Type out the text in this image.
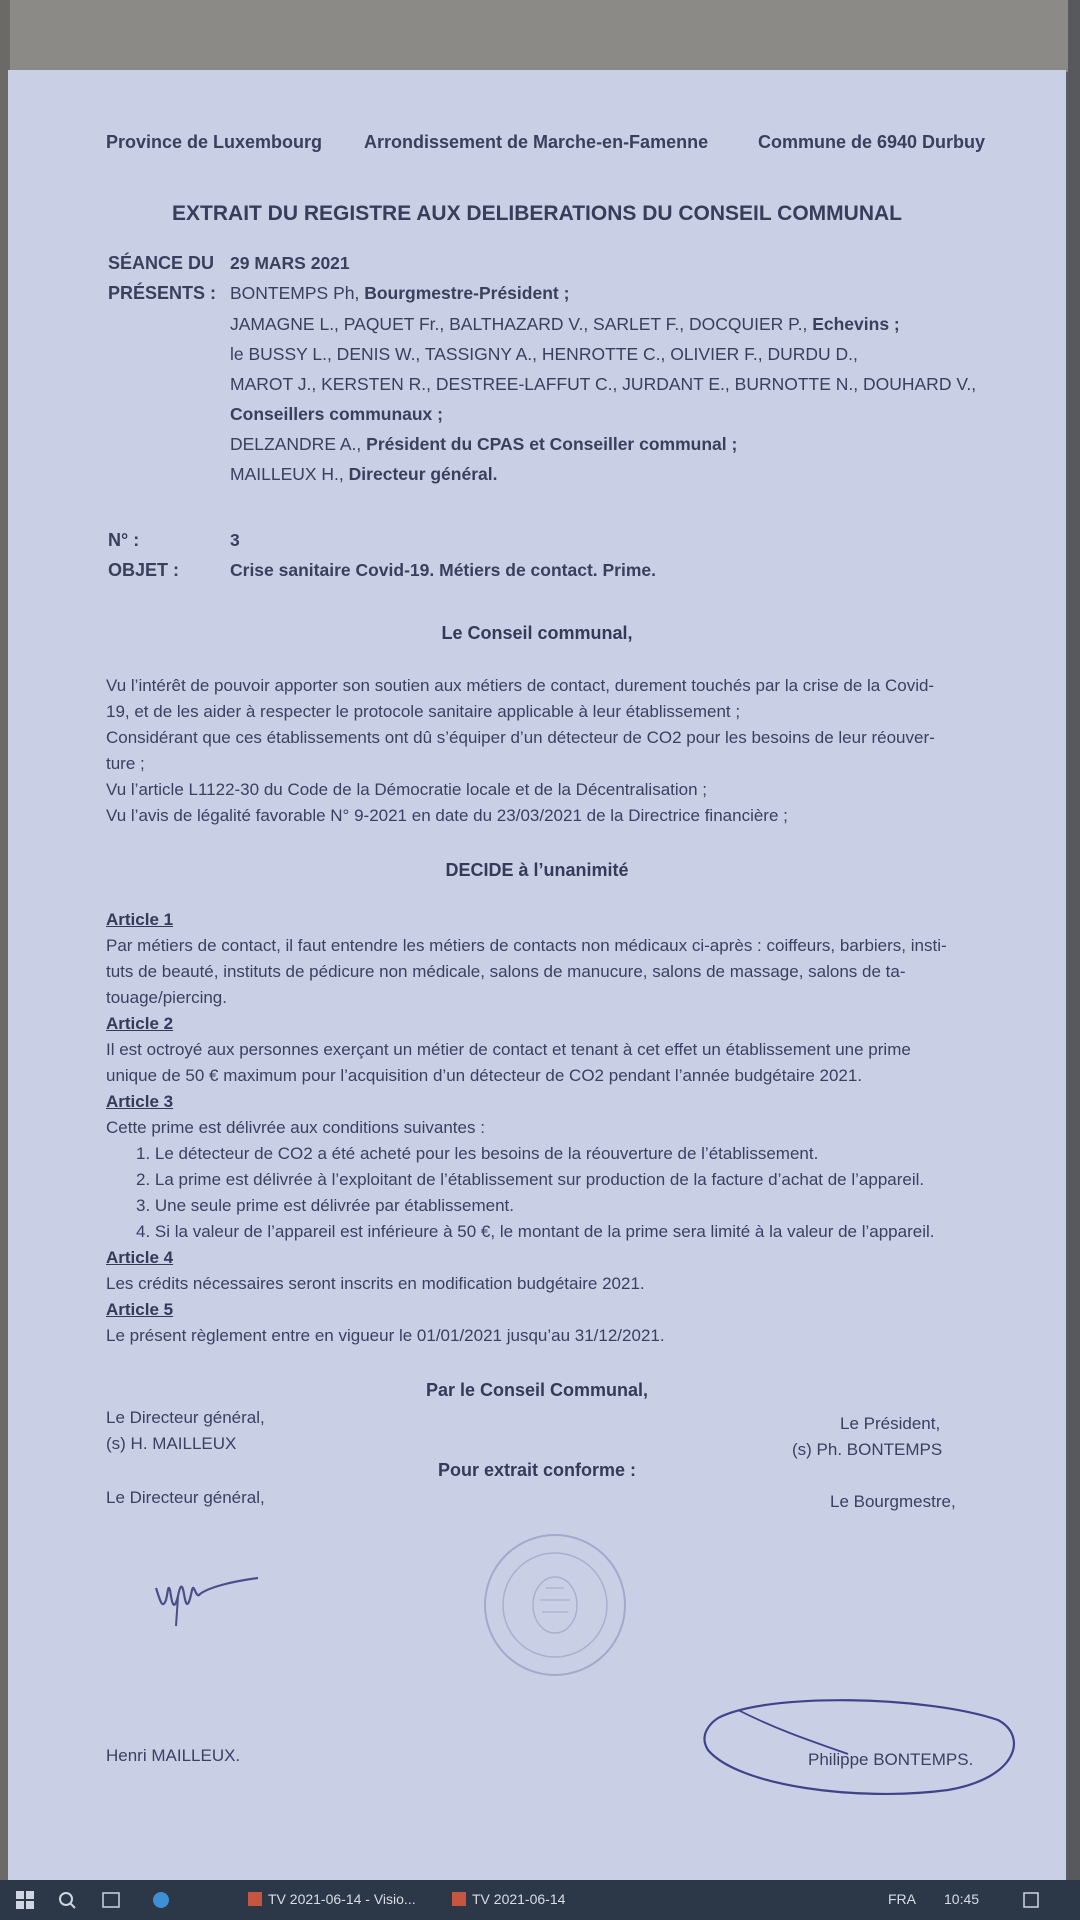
Province de Luxembourg Arrondissement de Marche-en-Famenne	Commune de 6940 Durbuy
EXTRAIT DU REGISTRE AUX DELIBERATIONS DU CONSEIL COMMUNAL
SÉANCE DU 29 MARS 2021
PRÉSENTS : BONTEMPS Ph, Bourgmestre-Président ;
JAMAGNE L., PAQUET Fr., BALTHAZARD V., SARLET F., DOCQUIER P., Echevins ;
le BUSSY L., DENIS W., TASSIGNY A., HENROTTE C., OLIVIER F., DURDU D.,
MAROT J., KERSTEN R., DESTREE-LAFFUT C., JURDANT E., BURNOTTE N., DOUHARD V.,
Conseillers communaux ;
DELZANDRE A., Président du CPAS et Conseiller communal ;
MAILLEUX H., Directeur général.
N° :	3
OBJET :	Crise sanitaire Covid-19. Métiers de contact. Prime.
Le Conseil communal,
Vu l’intérêt de pouvoir apporter son soutien aux métiers de contact, durement touchés par la crise de la Covid-
19, et de les aider à respecter le protocole sanitaire applicable à leur établissement ;
Considérant que ces établissements ont dû s’équiper d’un détecteur de CO2 pour les besoins de leur réouver-
ture ;
Vu l’article L1122-30 du Code de la Démocratie locale et de la Décentralisation ;
Vu l’avis de légalité favorable N° 9-2021 en date du 23/03/2021 de la Directrice financière ;
DECIDE à l’unanimité
Article 1
Par métiers de contact, il faut entendre les métiers de contacts non médicaux ci-après : coiffeurs, barbiers, insti-
tuts de beauté, instituts de pédicure non médicale, salons de manucure, salons de massage, salons de ta-
touage/piercing.
Article 2
Il est octroyé aux personnes exerçant un métier de contact et tenant à cet effet un établissement une prime
unique de 50 € maximum pour l’acquisition d’un détecteur de CO2 pendant l’année budgétaire 2021.
Article 3
Cette prime est délivrée aux conditions suivantes :
1. Le détecteur de CO2 a été acheté pour les besoins de la réouverture de l’établissement.
2. La prime est délivrée à l’exploitant de l’établissement sur production de la facture d’achat de l’appareil.
3. Une seule prime est délivrée par établissement.
4. Si la valeur de l’appareil est inférieure à 50 €, le montant de la prime sera limité à la valeur de l’appareil.
Article 4
Les crédits nécessaires seront inscrits en modification budgétaire 2021.
Article 5
Le présent règlement entre en vigueur le 01/01/2021 jusqu’au 31/12/2021.
Par le Conseil Communal,
Le Directeur général,
(s) H. MAILLEUX
Le Président,
(s) Ph. BONTEMPS
Pour extrait conforme :
Le Directeur général,	Le Bourgmestre,
Henri MAILLEUX.	Philippe BONTEMPS.
TV 2021-06-14 - Visio...	TV 2021-06-14	FRA 10:45
